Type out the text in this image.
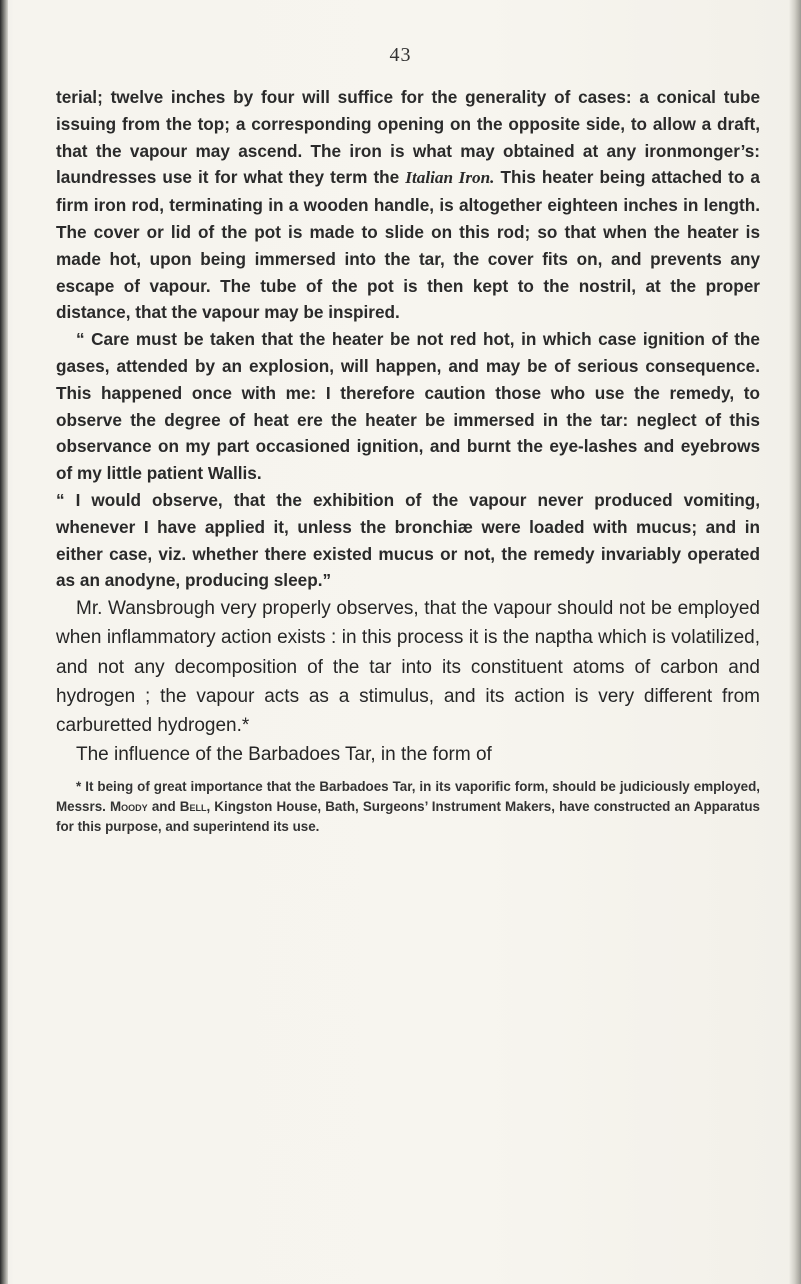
43

terial; twelve inches by four will suffice for the generality of cases: a conical tube issuing from the top; a corresponding opening on the opposite side, to allow a draft, that the vapour may ascend. The iron is what may obtained at any ironmonger’s: laundresses use it for what they term the Italian Iron. This heater being attached to a firm iron rod, terminating in a wooden handle, is altogether eighteen inches in length. The cover or lid of the pot is made to slide on this rod; so that when the heater is made hot, upon being immersed into the tar, the cover fits on, and prevents any escape of vapour. The tube of the pot is then kept to the nostril, at the proper distance, that the vapour may be inspired.

“ Care must be taken that the heater be not red hot, in which case ignition of the gases, attended by an explosion, will happen, and may be of serious consequence. This happened once with me: I therefore caution those who use the remedy, to observe the degree of heat ere the heater be immersed in the tar: neglect of this observance on my part occasioned ignition, and burnt the eye-lashes and eyebrows of my little patient Wallis.

“ I would observe, that the exhibition of the vapour never produced vomiting, whenever I have applied it, unless the bronchiæ were loaded with mucus; and in either case, viz. whether there existed mucus or not, the remedy invariably operated as an anodyne, producing sleep.”

Mr. Wansbrough very properly observes, that the vapour should not be employed when inflammatory action exists : in this process it is the naptha which is volatilized, and not any decomposition of the tar into its constituent atoms of carbon and hydrogen ; the vapour acts as a stimulus, and its action is very different from carburetted hydrogen.*

The influence of the Barbadoes Tar, in the form of

* It being of great importance that the Barbadoes Tar, in its vaporific form, should be judiciously employed, Messrs. Moody and Bell, Kingston House, Bath, Surgeons’ Instrument Makers, have constructed an Apparatus for this purpose, and superintend its use.
